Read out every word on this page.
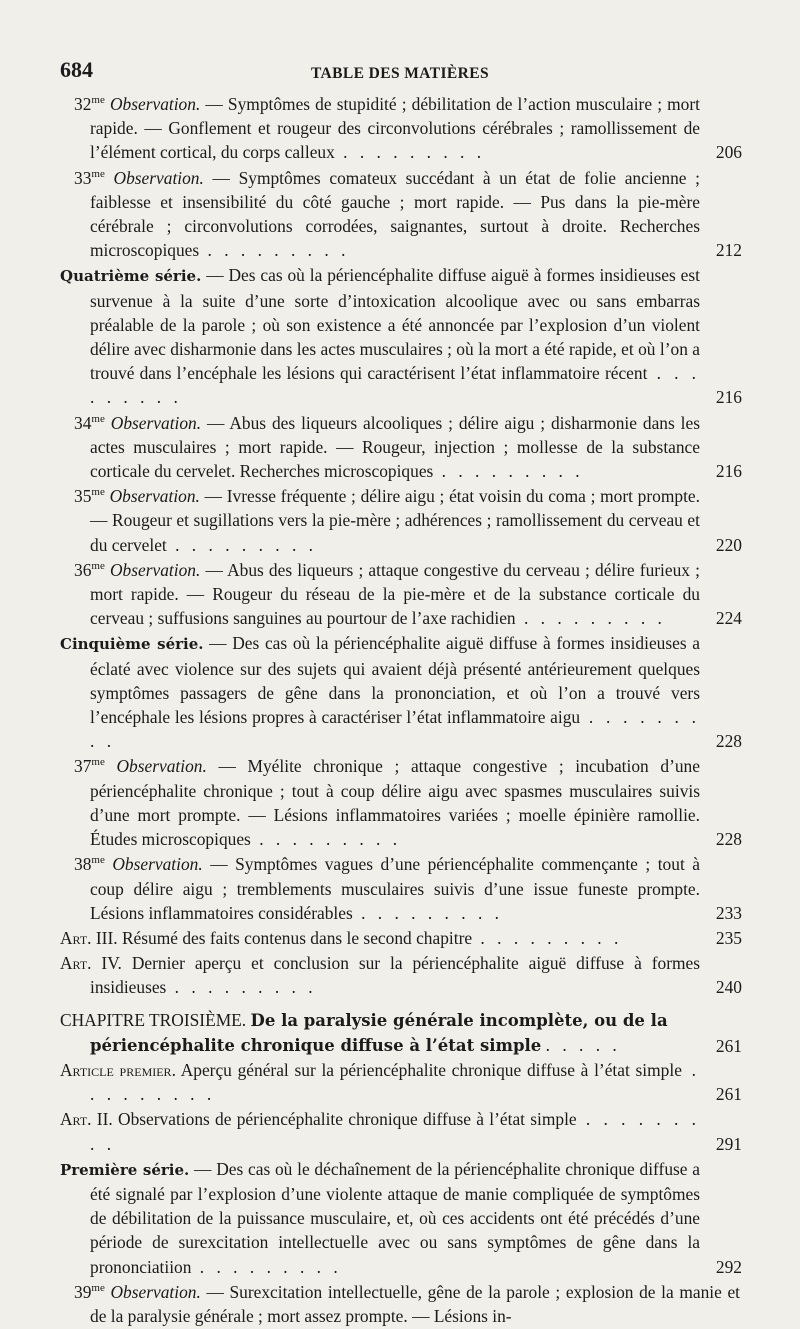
684	TABLE DES MATIÈRES
$32^{me}$ Observation. — Symptômes de stupidité ; débilitation de l’action musculaire ; mort rapide. — Gonflement et rougeur des circonvolutions cérébrales ; ramollissement de l’élément cortical, du corps calleux . . . . . . . . .	206
$33^{me}$ Observation. — Symptômes comateux succédant à un état de folie ancienne ; faiblesse et insensibilité du côté gauche ; mort rapide. — Pus dans la pie-mère cérébrale ; circonvolutions corrodées, saignantes, surtout à droite. Recherches microscopiques . . . . . . . . .	212
Quatrième série. — Des cas où la périencéphalite diffuse aiguë à formes insidieuses est survenue à la suite d’une sorte d’intoxication alcoolique avec ou sans embarras préalable de la parole ; où son existence a été annoncée par l’explosion d’un violent délire avec disharmonie dans les actes musculaires ; où la mort a été rapide, et où l’on a trouvé dans l’encéphale les lésions qui caractérisent l’état inflammatoire récent . . . . . . . . .	216
$34^{me}$ Observation. — Abus des liqueurs alcooliques ; délire aigu ; disharmonie dans les actes musculaires ; mort rapide. — Rougeur, injection ; mollesse de la substance corticale du cervelet. Recherches microscopiques . . . . . . . . .	216
$35^{me}$ Observation. — Ivresse fréquente ; délire aigu ; état voisin du coma ; mort prompte. — Rougeur et sugillations vers la pie-mère ; adhérences ; ramollissement du cerveau et du cervelet . . . . . . . . .	220
$36^{me}$ Observation. — Abus des liqueurs ; attaque congestive du cerveau ; délire furieux ; mort rapide. — Rougeur du réseau de la pie-mère et de la substance corticale du cerveau ; suffusions sanguines au pourtour de l’axe rachidien . . . . . . . . .	224
Cinquième série. — Des cas où la périencéphalite aiguë diffuse à formes insidieuses a éclaté avec violence sur des sujets qui avaient déjà présenté antérieurement quelques symptômes passagers de gêne dans la prononciation, et où l’on a trouvé vers l’encéphale les lésions propres à caractériser l’état inflammatoire aigu . . . . . . . . .	228
$37^{me}$ Observation. — Myélite chronique ; attaque congestive ; incubation d’une périencéphalite chronique ; tout à coup délire aigu avec spasmes musculaires suivis d’une mort prompte. — Lésions inflammatoires variées ; moelle épinière ramollie. Études microscopiques . . . . . . . . .	228
$38^{me}$ Observation. — Symptômes vagues d’une périencéphalite commençante ; tout à coup délire aigu ; tremblements musculaires suivis d’une issue funeste prompte. Lésions inflammatoires considérables . . . . . . . . .	233
Art. III. Résumé des faits contenus dans le second chapitre . . . . . . . . .	235
Art. IV. Dernier aperçu et conclusion sur la périencéphalite aiguë diffuse à formes insidieuses . . . . . . . . .	240
CHAPITRE TROISIÈME. De la paralysie générale incomplète, ou de la périencéphalite chronique diffuse à l’état simple . . . . .	261
Article premier. Aperçu général sur la périencéphalite chronique diffuse à l’état simple . . . . . . . . .	261
Art. II. Observations de périencéphalite chronique diffuse à l’état simple . . . . . . . . .	291
Première série. — Des cas où le déchaînement de la périencéphalite chronique diffuse a été signalé par l’explosion d’une violente attaque de manie compliquée de symptômes de débilitation de la puissance musculaire, et, où ces accidents ont été précédés d’une période de surexcitation intellectuelle avec ou sans symptômes de gêne dans la prononciatiion . . . . . . . . .	292
$39^{me}$ Observation. — Surexcitation intellectuelle, gêne de la parole ; explosion de la manie et de la paralysie générale ; mort assez prompte. — Lésions in-
